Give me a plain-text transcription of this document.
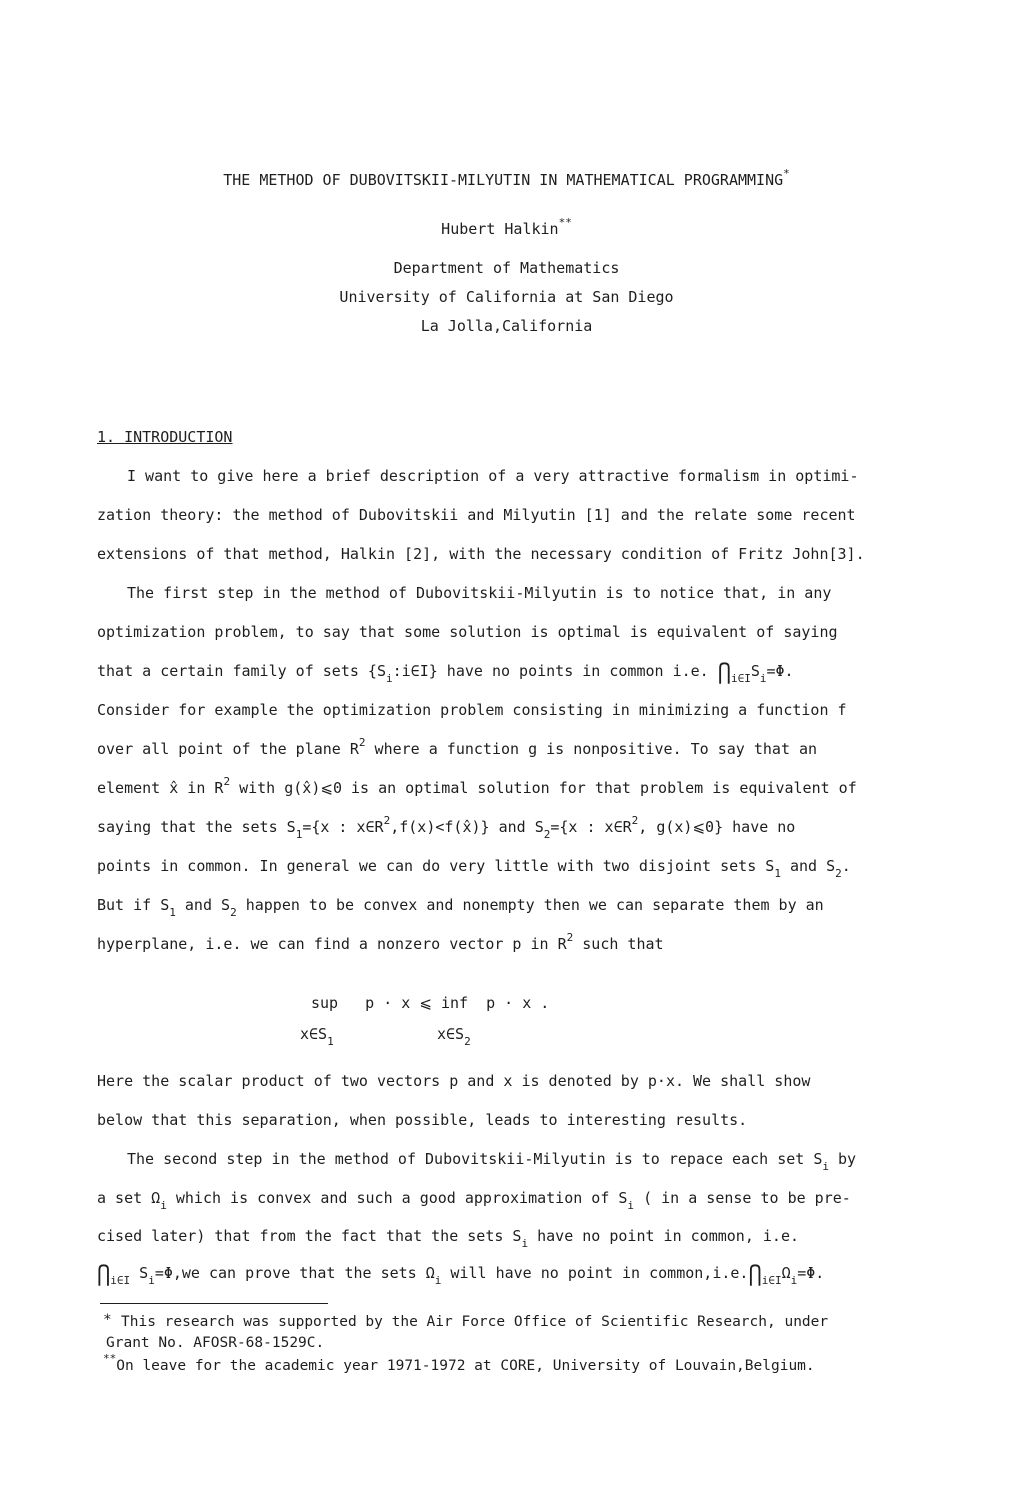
THE METHOD OF DUBOVITSKII-MILYUTIN IN MATHEMATICAL PROGRAMMING*
Hubert Halkin**
Department of Mathematics
University of California at San Diego
La Jolla,California
1. INTRODUCTION
I want to give here a brief description of a very attractive formalism in optimi-
zation theory: the method of Dubovitskii and Milyutin [1] and the relate some recent
extensions of that method, Halkin [2], with the necessary condition of Fritz John[3].
The first step in the method of Dubovitskii-Milyutin is to notice that, in any
optimization problem, to say that some solution is optimal is equivalent of saying
that a certain family of sets $\{S_i:i\in I\}$ have no points in common i.e. $⋂_{i\in I}S_i=\Phi$.
Consider for example the optimization problem consisting in minimizing a function f
over all point of the plane $R^2$ where a function g is nonpositive. To say that an
element x̂ in $R^2$ with g(x̂)⩽0 is an optimal solution for that problem is equivalent of
saying that the sets $S_1=\{x$ : $x\in R^2,f(x)<f(x̂)$} and $S_2=\{x$ : $x\in R^2$, g(x)⩽0} have no
points in common. In general we can do very little with two disjoint sets $S_1$ and $S_2$.
But if $S_1$ and $S_2$ happen to be convex and nonempty then we can separate them by an
hyperplane, i.e. we can find a nonzero vector p in $R^2$ such that
sup   p · x ⩽ inf  p · x .
$x\in S_1$	$x\in S_2$
Here the scalar product of two vectors p and x is denoted by p·x. We shall show
below that this separation, when possible, leads to interesting results.
The second step in the method of Dubovitskii-Milyutin is to repace each set $S_i$ by
a set $\Omega_i$ which is convex and such a good approximation of $S_i$ ( in a sense to be pre-
cised later) that from the fact that the sets $S_i$ have no point in common, i.e.
$⋂_{i\in I}$ $S_i=\Phi,we$ can prove that the sets $\Omega_i$ will have no point in $common,i.e.⋂_{i\in I}\Omega_i=\Phi$.
* This research was supported by the Air Force Office of Scientific Research, under
Grant No. AFOSR-68-1529C.
**On leave for the academic year 1971-1972 at CORE, University of Louvain,Belgium.
